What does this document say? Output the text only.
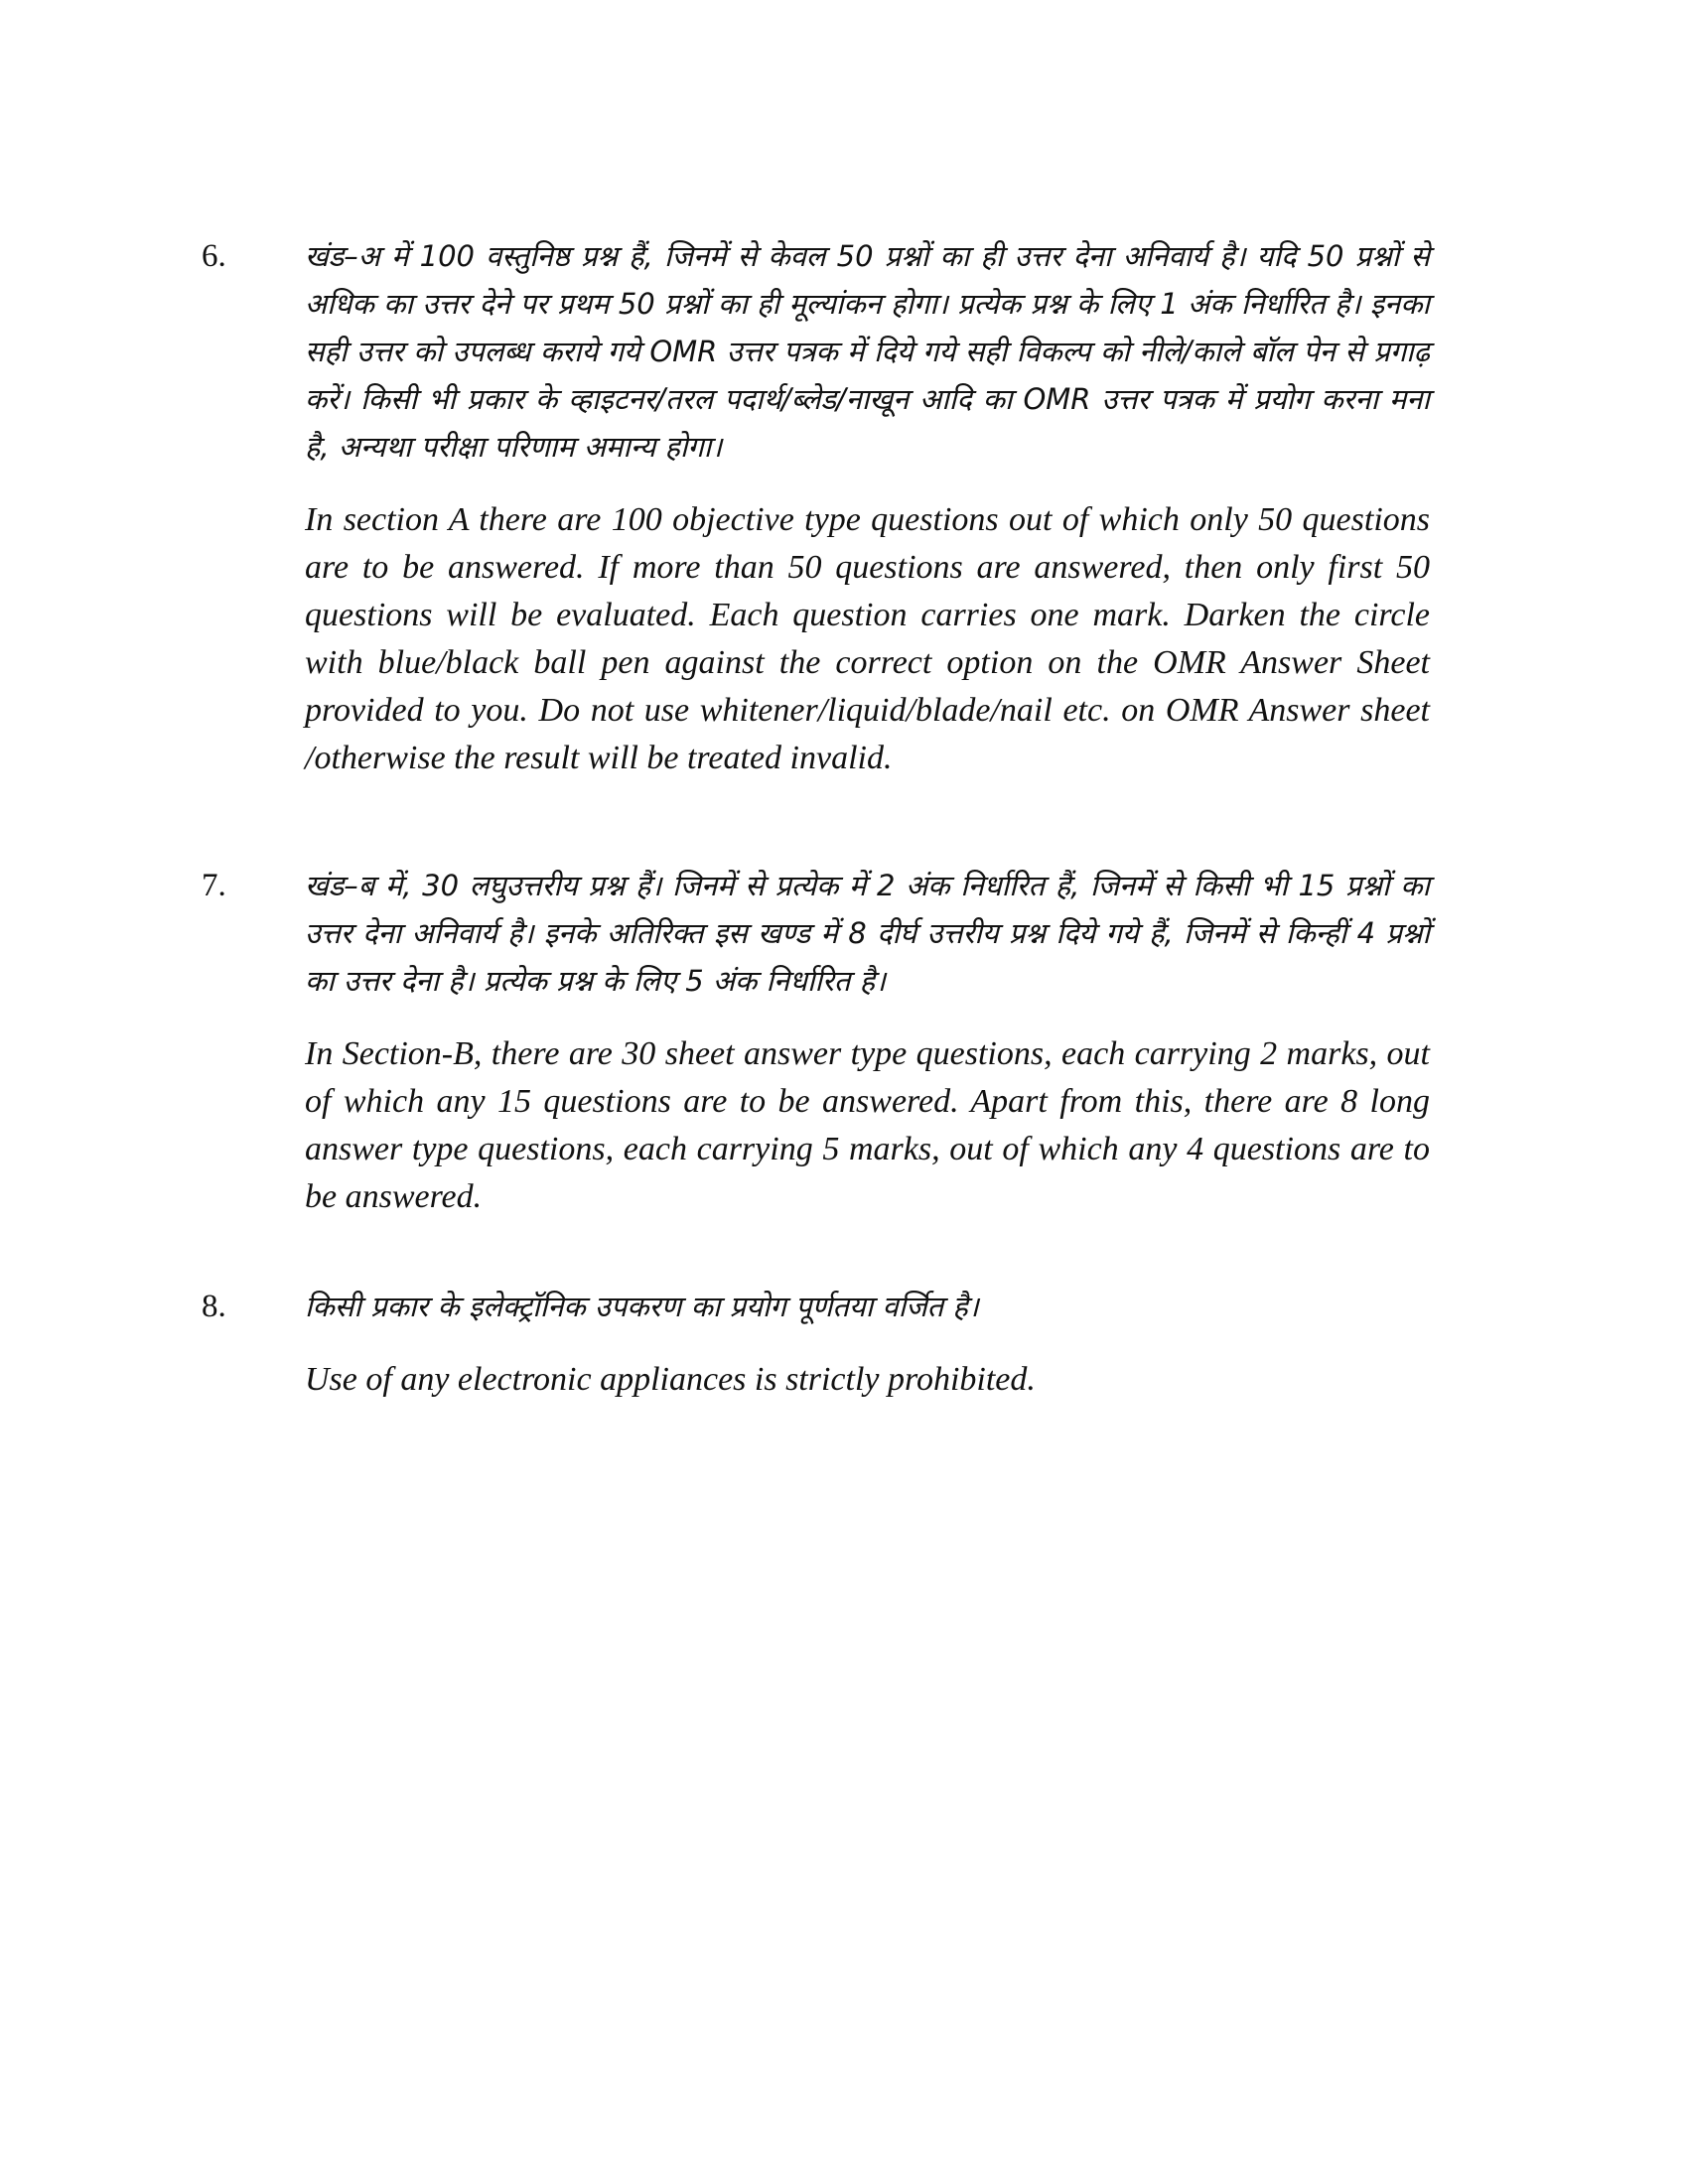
6.	खंड–अ में 100 वस्तुनिष्ठ प्रश्न हैं, जिनमें से केवल 50 प्रश्नों का ही उत्तर देना अनिवार्य है। यदि 50 प्रश्नों से अधिक का उत्तर देने पर प्रथम 50 प्रश्नों का ही मूल्यांकन होगा। प्रत्येक प्रश्न के लिए 1 अंक निर्धारित है। इनका सही उत्तर को उपलब्ध कराये गये OMR उत्तर पत्रक में दिये गये सही विकल्प को नीले/काले बॉल पेन से प्रगाढ़ करें। किसी भी प्रकार के व्हाइटनर/तरल पदार्थ/ब्लेड/नाखून आदि का OMR उत्तर पत्रक में प्रयोग करना मना है, अन्यथा परीक्षा परिणाम अमान्य होगा।

In section A there are 100 objective type questions out of which only 50 questions are to be answered. If more than 50 questions are answered, then only first 50 questions will be evaluated. Each question carries one mark. Darken the circle with blue/black ball pen against the correct option on the OMR Answer Sheet provided to you. Do not use whitener/liquid/blade/nail etc. on OMR Answer sheet /otherwise the result will be treated invalid.

7.	खंड–ब में, 30 लघुउत्तरीय प्रश्न हैं। जिनमें से प्रत्येक में 2 अंक निर्धारित हैं, जिनमें से किसी भी 15 प्रश्नों का उत्तर देना अनिवार्य है। इनके अतिरिक्त इस खण्ड में 8 दीर्घ उत्तरीय प्रश्न दिये गये हैं, जिनमें से किन्हीं 4 प्रश्नों का उत्तर देना है। प्रत्येक प्रश्न के लिए 5 अंक निर्धारित है।

In Section-B, there are 30 sheet answer type questions, each carrying 2 marks, out of which any 15 questions are to be answered. Apart from this, there are 8 long answer type questions, each carrying 5 marks, out of which any 4 questions are to be answered.

8.	किसी प्रकार के इलेक्ट्रॉनिक उपकरण का प्रयोग पूर्णतया वर्जित है।

Use of any electronic appliances is strictly prohibited.
